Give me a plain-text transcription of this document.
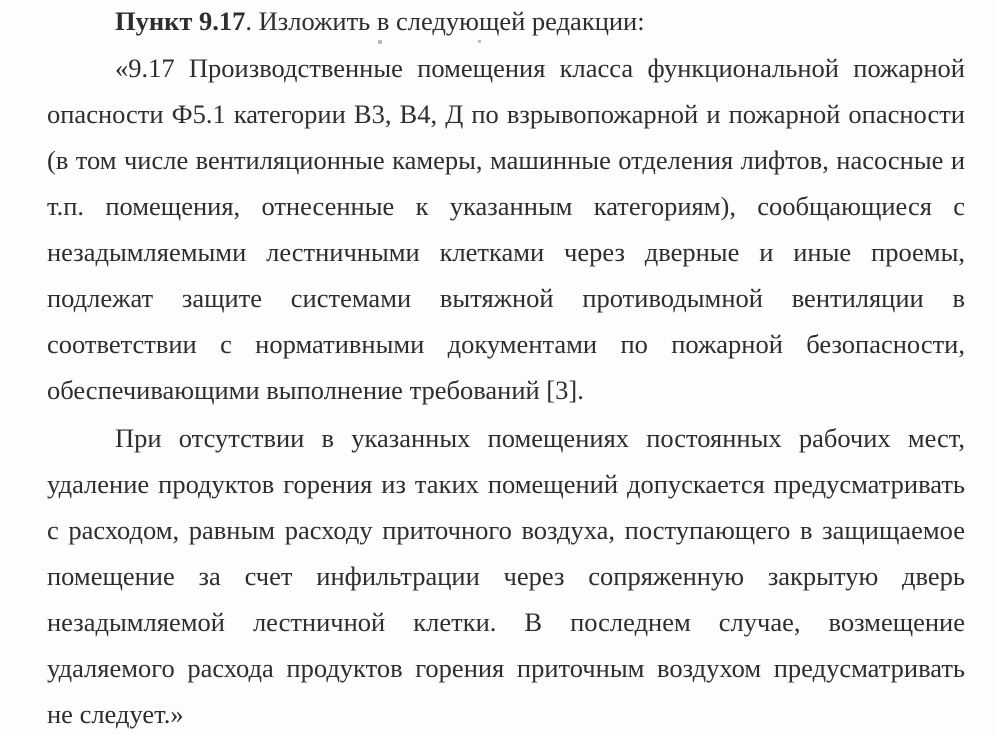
Пункт 9.17. Изложить в следующей редакции:
«9.17 Производственные помещения класса функциональной пожарной
опасности Ф5.1 категории В3, В4, Д по взрывопожарной и пожарной опасности
(в том числе вентиляционные камеры, машинные отделения лифтов, насосные и
т.п. помещения, отнесенные к указанным категориям), сообщающиеся с
незадымляемыми лестничными клетками через дверные и иные проемы,
подлежат защите системами вытяжной противодымной вентиляции в
соответствии с нормативными документами по пожарной безопасности,
обеспечивающими выполнение требований [3].
При отсутствии в указанных помещениях постоянных рабочих мест,
удаление продуктов горения из таких помещений допускается предусматривать
с расходом, равным расходу приточного воздуха, поступающего в защищаемое
помещение за счет инфильтрации через сопряженную закрытую дверь
незадымляемой лестничной клетки. В последнем случае, возмещение
удаляемого расхода продуктов горения приточным воздухом предусматривать
не следует.»
